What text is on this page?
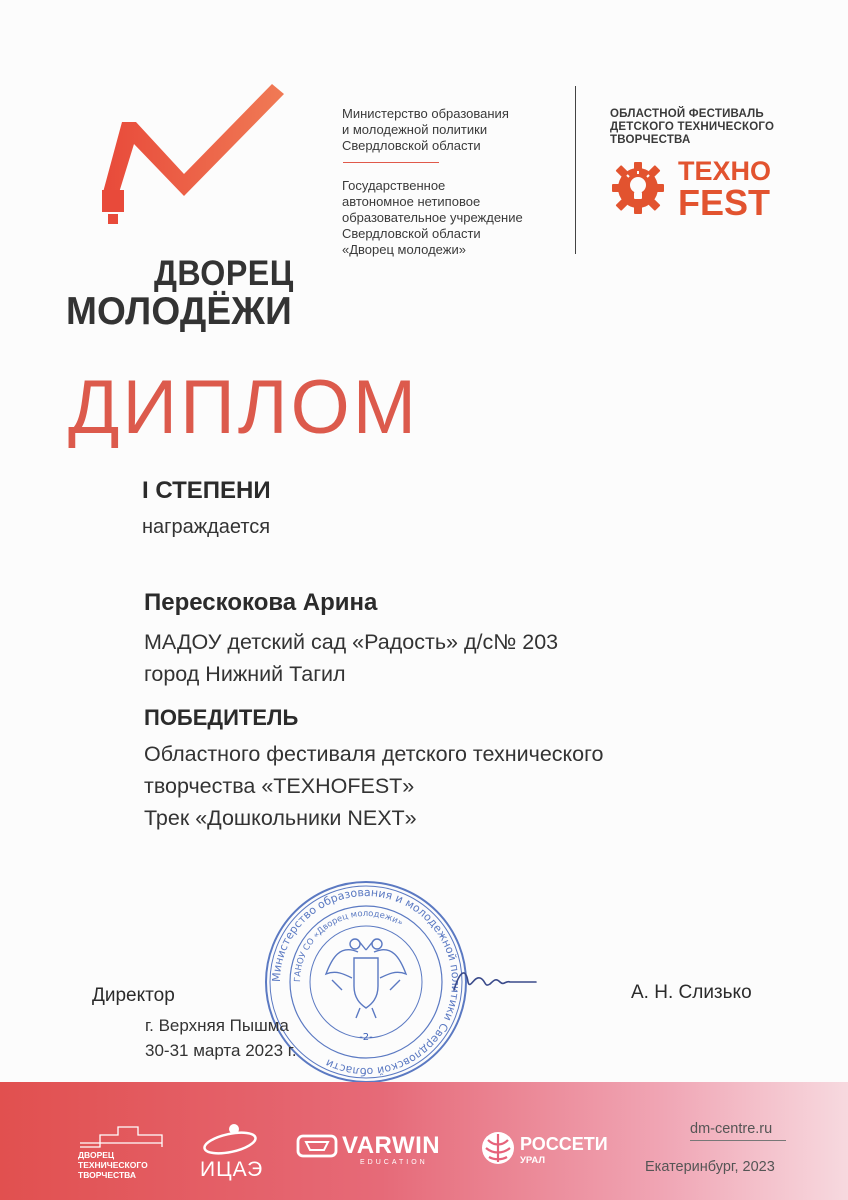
ДВОРЕЦ
МОЛОДЁЖИ
Министерство образования
и молодежной политики
Свердловской области
Государственное
автономное нетиповое
образовательное учреждение
Свердловской области
«Дворец молодежи»
ОБЛАСТНОЙ ФЕСТИВАЛЬ
ДЕТСКОГО ТЕХНИЧЕСКОГО
ТВОРЧЕСТВА
ТЕХНО
FEST
ДИПЛОМ
I СТЕПЕНИ
награждается
Перескокова Арина
МАДОУ детский сад «Радость» д/с№ 203
город Нижний Тагил
ПОБЕДИТЕЛЬ
Областного фестиваля детского технического
творчества «TEXHOFEST»
Трек «Дошкольники NEXT»
Министерство образования и молодежной политики Свердловской области
ГАНОУ СО «Дворец молодежи»
-2-
Директор	А. Н. Слизько
г. Верхняя Пышма
30-31 марта 2023 г.
ДВОРЕЦ
ТЕХНИЧЕСКОГО
ТВОРЧЕСТВА	ИЦАЭ
VARWIN
EDUCATION
РОССЕТИ
УРАЛ
dm-centre.ru
Екатеринбург, 2023
